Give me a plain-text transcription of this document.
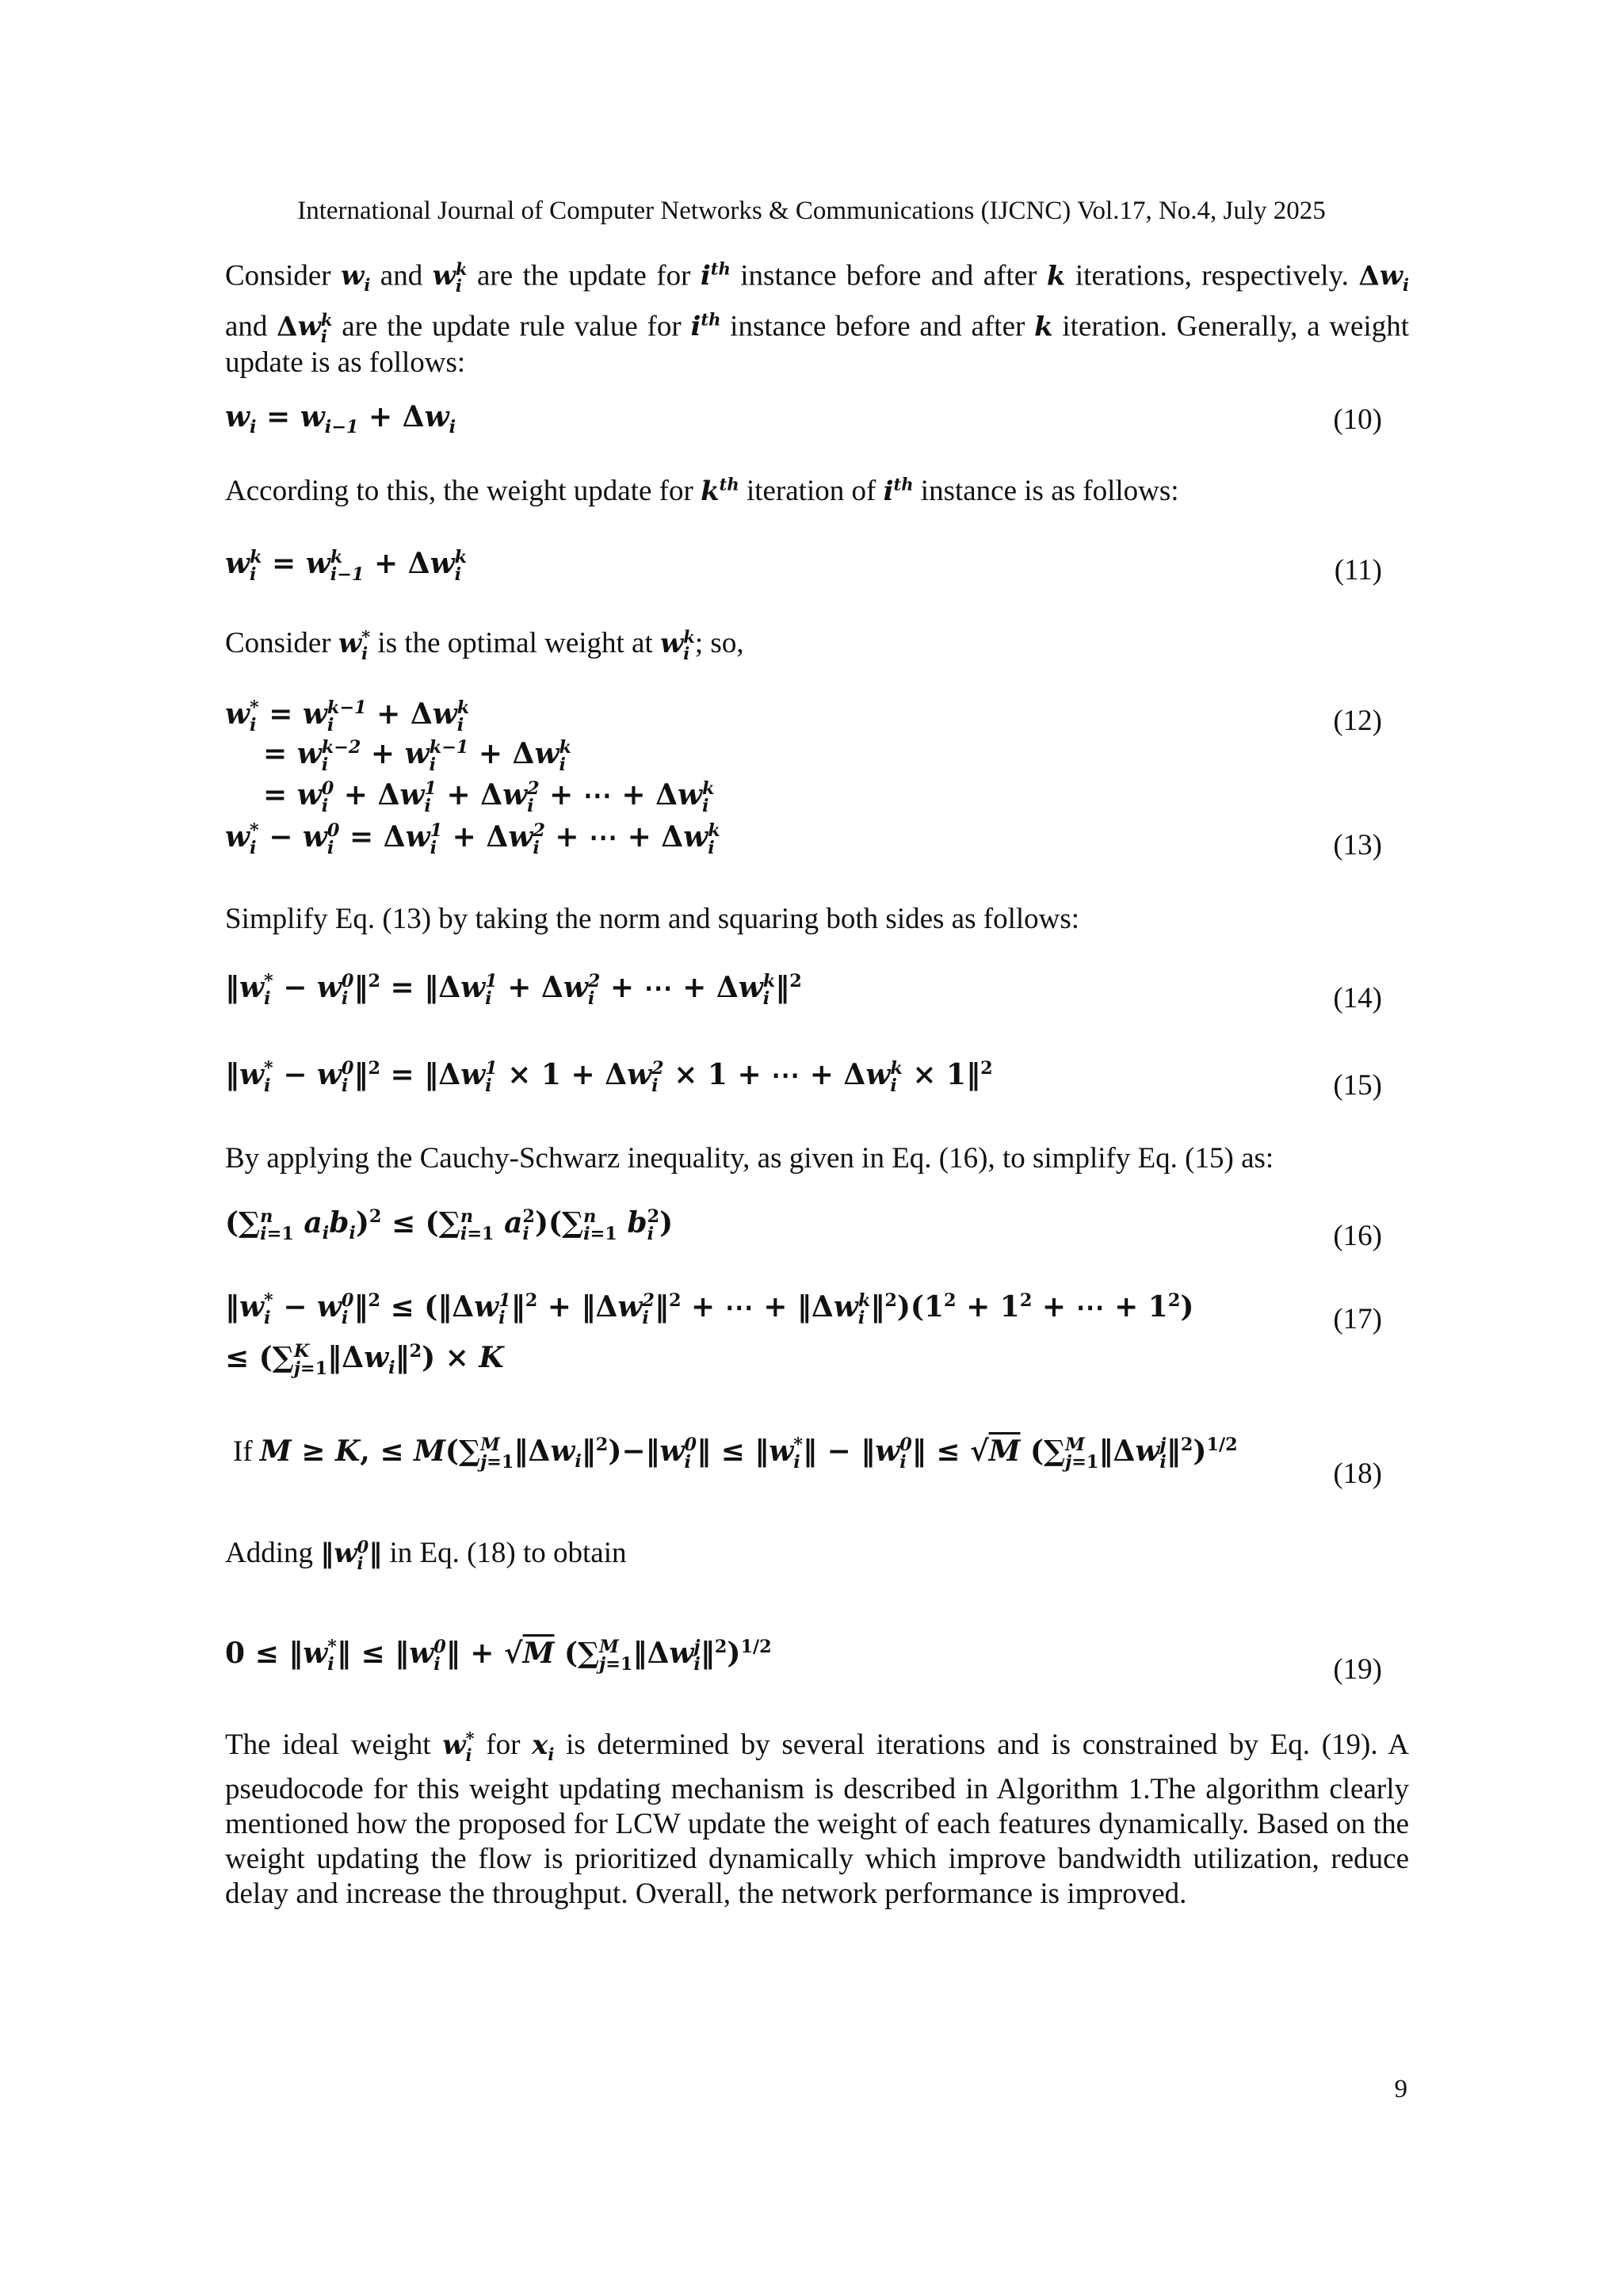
International Journal of Computer Networks & Communications (IJCNC) Vol.17, No.4, July 2025
Consider $w_i$ and w k
i are the update for $i^{th}$ instance before and after k iterations, respectively. $\Delta w_i$ and Δw k
i are the update rule value for $i^{th}$ instance before and after k iteration. Generally, a weight update is as follows:
$w_i = w_{i-1} + \Delta w_i$	(10)
According to this, the weight update for $k^{th}$ iteration of $i^{th}$ instance is as follows:
w k
i = w k
i−1 + Δw k
i	(11)
Consider w *
i is the optimal weight at w k
i ; so,
w *
i = w k−1
i	+ Δw k
i	(12)
= w k−2
i	+ w k−1
i	+ Δw k
i
= w 0
i + Δw 1
i + Δw 2
i + ⋯ + Δw k
i
w *
i − w 0
i = Δw 1
i + Δw 2
i + ⋯ + Δw k
i	(13)
Simplify Eq. (13) by taking the norm and squaring both sides as follows:
‖w *
i − w 0
i ‖$^2$ = ‖Δw 1
i + Δw 2
i + ⋯ + Δw k
i ‖$^2$
(14)
‖w *
i − w 0
i ‖$^2$ = ‖Δw 1
i × 1 + Δw 2
i × 1 + ⋯ + Δw k
i × 1‖$^2$
(15)
By applying the Cauchy-Schwarz inequality, as given in Eq. (16), to simplify Eq. (15) as:
(∑ n
i=1 $a_ib_i)^2$ ≤ (∑ n
i=1 a 2
i )(∑ n
i=1 b 2
i )	(16)
‖w *
i − w 0
i ‖$^2$ ≤ (‖Δw 1
i ‖$^2$ + ‖Δw 2
i ‖$^2$ + ⋯ + ‖Δw k
i $‖^2)(1^2 + 1^2$ + ⋯ + $1^2$)	(17)
≤ (∑ K
j=1 $‖\Delta w_i‖^2) \times K$
If M ≥ K, ≤ M(∑ M
j=1 $‖\Delta w_i‖^2)-‖w$ 0
i ‖ ≤ ‖w *
i ‖ − ‖w 0
i ‖ ≤ √M (∑ M
j=1 ‖Δw j
i ‖$^2$)$^{1/2}$
(18)
Adding ‖w 0
i ‖ in Eq. (18) to obtain
0 ≤ ‖w *
i ‖ ≤ ‖w 0
i ‖ + √M (∑ M
j=1 ‖Δw j
i ‖$^2$)$^{1/2}$
(19)
The ideal weight w *
i for $x_i$ is determined by several iterations and is constrained by Eq. (19). A pseudocode for this weight updating mechanism is described in Algorithm 1.The algorithm clearly mentioned how the proposed for LCW update the weight of each features dynamically. Based on the weight updating the flow is prioritized dynamically which improve bandwidth utilization, reduce delay and increase the throughput. Overall, the network performance is improved.
9
